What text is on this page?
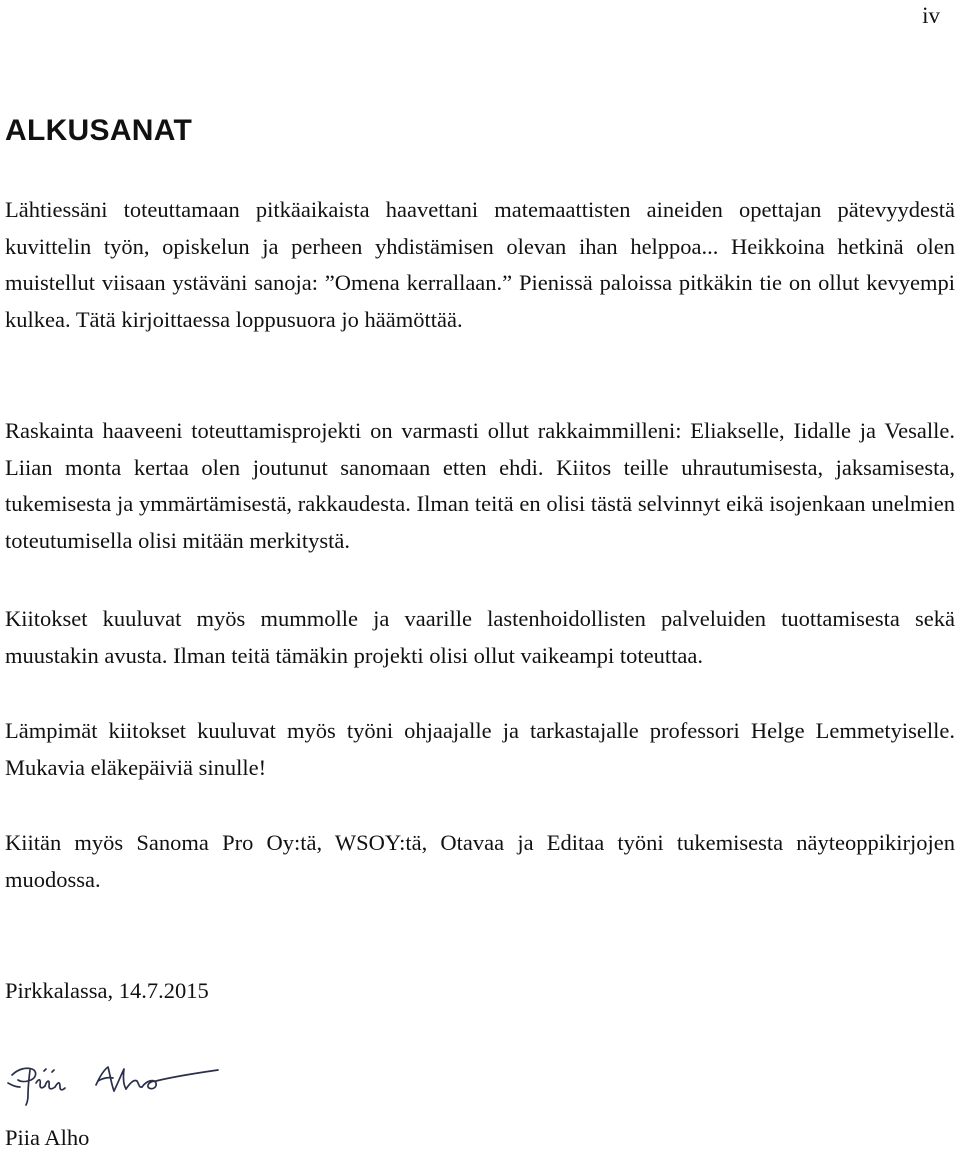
iv
ALKUSANAT

Lähtiessäni toteuttamaan pitkäaikaista haavettani matemaattisten aineiden opettajan pätevyydestä kuvittelin työn, opiskelun ja perheen yhdistämisen olevan ihan helppoa... Heikkoina hetkinä olen muistellut viisaan ystäväni sanoja: ”Omena kerrallaan.” Pienissä paloissa pitkäkin tie on ollut kevyempi kulkea. Tätä kirjoittaessa loppusuora jo häämöttää.

Raskainta haaveeni toteuttamisprojekti on varmasti ollut rakkaimmilleni: Eliakselle, Iidalle ja Vesalle. Liian monta kertaa olen joutunut sanomaan etten ehdi. Kiitos teille uhrautumisesta, jaksamisesta, tukemisesta ja ymmärtämisestä, rakkaudesta. Ilman teitä en olisi tästä selvinnyt eikä isojenkaan unelmien toteutumisella olisi mitään merkitystä.

Kiitokset kuuluvat myös mummolle ja vaarille lastenhoidollisten palveluiden tuottamisesta sekä muustakin avusta. Ilman teitä tämäkin projekti olisi ollut vaikeampi toteuttaa.

Lämpimät kiitokset kuuluvat myös työni ohjaajalle ja tarkastajalle professori Helge Lemmetyiselle. Mukavia eläkepäiviä sinulle!

Kiitän myös Sanoma Pro Oy:tä, WSOY:tä, Otavaa ja Editaa työni tukemisesta näyteoppikirjojen muodossa.

Pirkkalassa, 14.7.2015

Piia Alho
